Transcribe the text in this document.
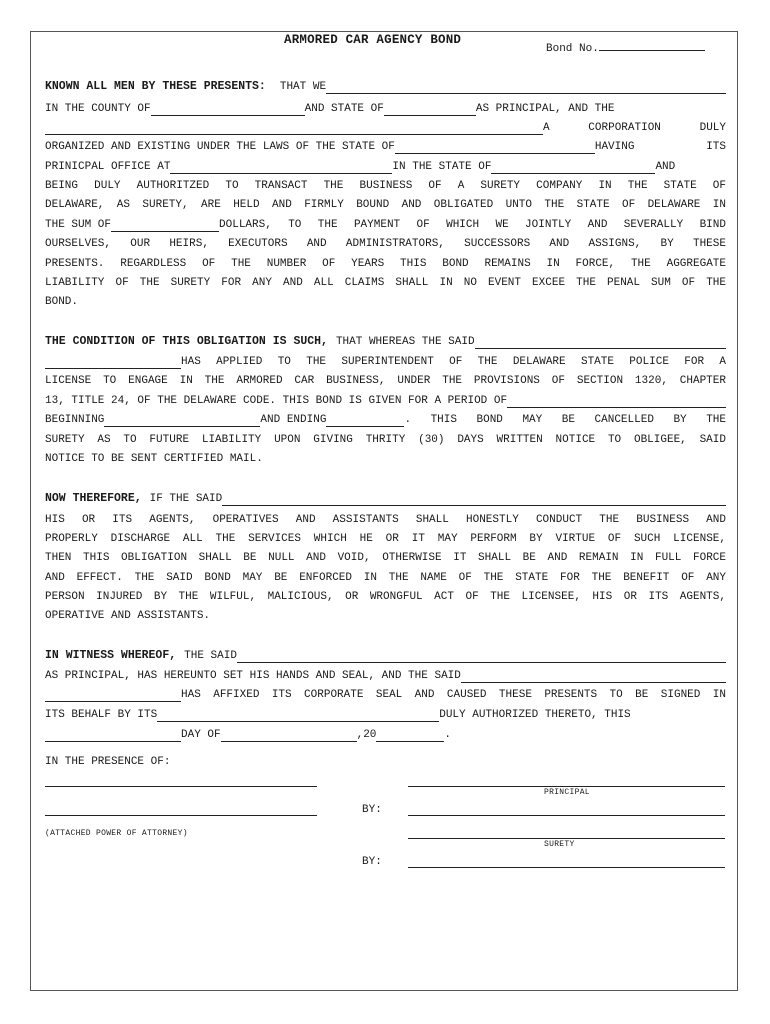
ARMORED CAR AGENCY BOND
Bond No.
KNOWN ALL MEN BY THESE PRESENTS: THAT WE
IN THE COUNTY OF	AND STATE OF	AS PRINCIPAL, AND THE
A CORPORATION DULY
ORGANIZED AND EXISTING UNDER THE LAWS OF THE STATE OF	HAVING ITS
PRINICPAL OFFICE AT	IN THE STATE OF	AND
BEING DULY AUTHORITZED TO TRANSACT THE BUSINESS OF A SURETY COMPANY IN THE STATE OF
DELAWARE, AS SURETY, ARE HELD AND FIRMLY BOUND AND OBLIGATED UNTO THE STATE OF DELAWARE IN
THE SUM OF	DOLLARS, TO THE PAYMENT OF WHICH WE JOINTLY AND SEVERALLY BIND
OURSELVES, OUR HEIRS, EXECUTORS AND ADMINISTRATORS, SUCCESSORS AND ASSIGNS, BY THESE
PRESENTS. REGARDLESS OF THE NUMBER OF YEARS THIS BOND REMAINS IN FORCE, THE AGGREGATE
LIABILITY OF THE SURETY FOR ANY AND ALL CLAIMS SHALL IN NO EVENT EXCEE THE PENAL SUM OF THE
BOND.
THE CONDITION OF THIS OBLIGATION IS SUCH, THAT WHEREAS THE SAID
HAS APPLIED TO THE SUPERINTENDENT OF THE DELAWARE STATE POLICE FOR A
LICENSE TO ENGAGE IN THE ARMORED CAR BUSINESS, UNDER THE PROVISIONS OF SECTION 1320, CHAPTER
13, TITLE 24, OF THE DELAWARE CODE. THIS BOND IS GIVEN FOR A PERIOD OF
BEGINNING	AND ENDING	. THIS BOND MAY BE CANCELLED BY THE
SURETY AS TO FUTURE LIABILITY UPON GIVING THRITY (30) DAYS WRITTEN NOTICE TO OBLIGEE, SAID
NOTICE TO BE SENT CERTIFIED MAIL.
NOW THEREFORE, IF THE SAID
HIS OR ITS AGENTS, OPERATIVES AND ASSISTANTS SHALL HONESTLY CONDUCT THE BUSINESS AND
PROPERLY DISCHARGE ALL THE SERVICES WHICH HE OR IT MAY PERFORM BY VIRTUE OF SUCH LICENSE,
THEN THIS OBLIGATION SHALL BE NULL AND VOID, OTHERWISE IT SHALL BE AND REMAIN IN FULL FORCE
AND EFFECT. THE SAID BOND MAY BE ENFORCED IN THE NAME OF THE STATE FOR THE BENEFIT OF ANY
PERSON INJURED BY THE WILFUL, MALICIOUS, OR WRONGFUL ACT OF THE LICENSEE, HIS OR ITS AGENTS,
OPERATIVE AND ASSISTANTS.
IN WITNESS WHEREOF, THE SAID
AS PRINCIPAL, HAS HEREUNTO SET HIS HANDS AND SEAL, AND THE SAID
HAS AFFIXED ITS CORPORATE SEAL AND CAUSED THESE PRESENTS TO BE SIGNED IN
ITS BEHALF BY ITS	DULY AUTHORIZED THERETO, THIS
DAY OF	,20	.
IN THE PRESENCE OF:
PRINCIPAL
BY:
(ATTACHED POWER OF ATTORNEY)
SURETY
BY:
